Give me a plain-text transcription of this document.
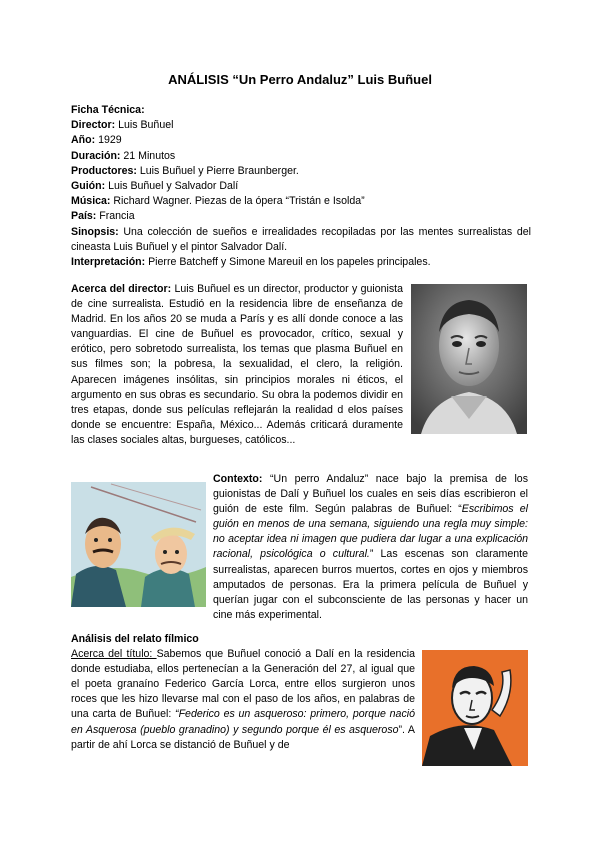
ANÁLISIS “Un Perro Andaluz” Luis Buñuel

Ficha Técnica:

Director: Luis Buñuel

Año: 1929

Duración: 21 Minutos

Productores: Luis Buñuel y Pierre Braunberger.

Guión: Luis Buñuel y Salvador Dalí

Música: Richard Wagner. Piezas de la ópera “Tristán e Isolda”

País: Francia

Sinopsis: Una colección de sueños e irrealidades recopiladas por las mentes surrealistas del cineasta Luis Buñuel y el pintor Salvador Dalí.

Interpretación: Pierre Batcheff y Simone Mareuil en los papeles principales.

Acerca del director: Luis Buñuel es un director, productor y guionista de cine surrealista. Estudió en la residencia libre de enseñanza de Madrid. En los años 20 se muda a París y es allí donde conoce a las vanguardias. El cine de Buñuel es provocador, crítico, sexual y erótico, pero sobretodo surrealista, los temas que plasma Buñuel en sus filmes son; la pobresa, la sexualidad, el clero, la religión. Aparecen imágenes insólitas, sin principios morales ni éticos, el argumento en sus obras es secundario. Su obra la podemos dividir en tres etapas, donde sus películas reflejarán la realidad d elos países donde se encuentre: España, México... Además criticará duramente las clases sociales altas, burgueses, católicos...

Contexto: “Un perro Andaluz” nace bajo la premisa de los guionistas de Dalí y Buñuel los cuales en seis días escribieron el guión de este film. Según palabras de Buñuel: “Escribimos el guión en menos de una semana, siguiendo una regla muy simple: no aceptar idea ni imagen que pudiera dar lugar a una explicación racional, psicológica o cultural.” Las escenas son claramente surrealistas, aparecen burros muertos, cortes en ojos y miembros amputados de personas. Era la primera película de Buñuel y querían jugar con el subconsciente de las personas y hacer un cine más experimental.

Análisis del relato fílmico

Acerca del título: Sabemos que Buñuel conoció a Dalí en la residencia donde estudiaba, ellos pertenecían a la Generación del 27, al igual que el poeta granaíno Federico García Lorca, entre ellos surgieron unos roces que les hizo llevarse mal con el paso de los años, en palabras de una carta de Buñuel: “Federico es un asqueroso: primero, porque nació en Asquerosa (pueblo granadino) y segundo porque él es asqueroso”. A partir de ahí Lorca se distanció de Buñuel y de
